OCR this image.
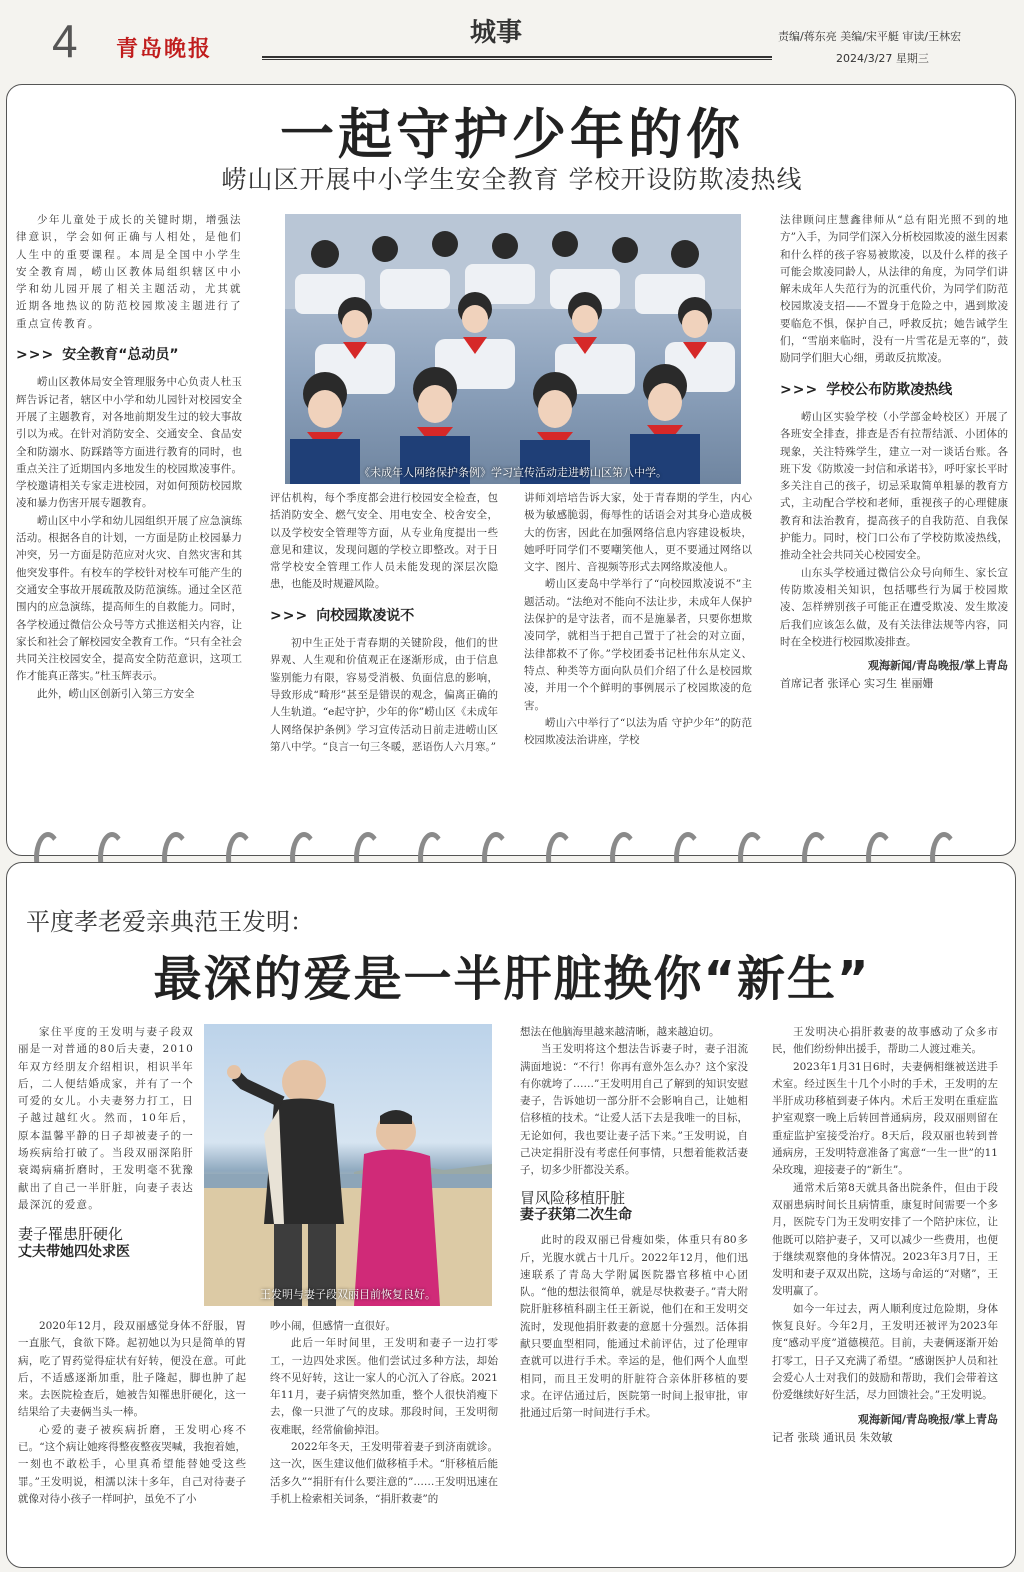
4 青岛晚报
城事	责编/蒋东亮 美编/宋平艇 审读/王林宏
2024/3/27 星期三
一起守护少年的你
崂山区开展中小学生安全教育 学校开设防欺凌热线
《未成年人网络保护条例》学习宣传活动走进崂山区第八中学。

少年儿童处于成长的关键时期，增强法律意识，学会如何正确与人相处，是他们人生中的重要课程。本周是全国中小学生安全教育周，崂山区教体局组织辖区中小学和幼儿园开展了相关主题活动，尤其就近期各地热议的防范校园欺凌主题进行了重点宣传教育。

>>> 安全教育“总动员”

崂山区教体局安全管理服务中心负责人杜玉辉告诉记者，辖区中小学和幼儿园针对校园安全开展了主题教育，对各地前期发生过的较大事故引以为戒。在针对消防安全、交通安全、食品安全和防溺水、防踩踏等方面进行教育的同时，也重点关注了近期国内多地发生的校园欺凌事件。学校邀请相关专家走进校园，对如何预防校园欺凌和暴力伤害开展专题教育。

崂山区中小学和幼儿园组织开展了应急演练活动。根据各自的计划，一方面是防止校园暴力冲突，另一方面是防范应对火灾、自然灾害和其他突发事件。有校车的学校针对校车可能产生的交通安全事故开展疏散及防范演练。通过全区范围内的应急演练，提高师生的自救能力。同时，各学校通过微信公众号等方式推送相关内容，让家长和社会了解校园安全教育工作。“只有全社会共同关注校园安全，提高安全防范意识，这项工作才能真正落实。”杜玉辉表示。

此外，崂山区创新引入第三方安全

评估机构，每个季度都会进行校园安全检查，包括消防安全、燃气安全、用电安全、校舍安全，以及学校安全管理等方面，从专业角度提出一些意见和建议，发现问题的学校立即整改。对于日常学校安全管理工作人员未能发现的深层次隐患，也能及时规避风险。

>>> 向校园欺凌说不

初中生正处于青春期的关键阶段，他们的世界观、人生观和价值观正在逐渐形成，由于信息鉴别能力有限，容易受消极、负面信息的影响，导致形成“畸形”甚至是错误的观念，偏离正确的人生轨道。“e起守护，少年的你”崂山区《未成年人网络保护条例》学习宣传活动日前走进崂山区第八中学。“良言一句三冬暖，恶语伤人六月寒。”

讲师刘培培告诉大家，处于青春期的学生，内心极为敏感脆弱，侮辱性的话语会对其身心造成极大的伤害，因此在加强网络信息内容建设板块，她呼吁同学们不要嘲笑他人，更不要通过网络以文字、图片、音视频等形式去网络欺凌他人。

崂山区麦岛中学举行了“向校园欺凌说不”主题活动。“法绝对不能向不法让步，未成年人保护法保护的是守法者，而不是施暴者，只要你想欺凌同学，就相当于把自己置于了社会的对立面，法律都救不了你。”学校团委书记杜伟东从定义、特点、种类等方面向队员们介绍了什么是校园欺凌，并用一个个鲜明的事例展示了校园欺凌的危害。

崂山六中举行了“以法为盾 守护少年”的防范校园欺凌法治讲座，学校

法律顾问庄慧鑫律师从“总有阳光照不到的地方”入手，为同学们深入分析校园欺凌的滋生因素和什么样的孩子容易被欺凌，以及什么样的孩子可能会欺凌同龄人，从法律的角度，为同学们讲解未成年人失范行为的沉重代价，为同学们防范校园欺凌支招——不置身于危险之中，遇到欺凌要临危不惧，保护自己，呼救反抗；她告诫学生们，“雪崩来临时，没有一片雪花是无辜的”，鼓励同学们胆大心细，勇敢反抗欺凌。

>>> 学校公布防欺凌热线

崂山区实验学校（小学部金岭校区）开展了各班安全排查，排查是否有拉帮结派、小团体的现象，关注特殊学生，建立一对一谈话台账。各班下发《防欺凌一封信和承诺书》，呼吁家长平时多关注自己的孩子，切忌采取简单粗暴的教育方式，主动配合学校和老师，重视孩子的心理健康教育和法治教育，提高孩子的自我防范、自我保护能力。同时，校门口公布了学校防欺凌热线，推动全社会共同关心校园安全。

山东头学校通过微信公众号向师生、家长宣传防欺凌相关知识，包括哪些行为属于校园欺凌、怎样辨别孩子可能正在遭受欺凌、发生欺凌后我们应该怎么做，及有关法律法规等内容，同时在全校进行校园欺凌排查。

观海新闻/青岛晚报/掌上青岛
首席记者 张译心 实习生 崔丽姗
平度孝老爱亲典范王发明：
最深的爱是一半肝脏换你“新生”
王发明与妻子段双丽目前恢复良好。

家住平度的王发明与妻子段双丽是一对普通的80后夫妻，2010年双方经朋友介绍相识，相识半年后，二人便结婚成家，并有了一个可爱的女儿。小夫妻努力打工，日子越过越红火。然而，10年后，原本温馨平静的日子却被妻子的一场疾病给打破了。当段双丽深陷肝衰竭病痛折磨时，王发明毫不犹豫献出了自己一半肝脏，向妻子表达最深沉的爱意。

妻子罹患肝硬化
丈夫带她四处求医

2020年12月，段双丽感觉身体不舒服，胃一直胀气，食欲下降。起初她以为只是简单的胃病，吃了胃药觉得症状有好转，便没在意。可此后，不适感逐渐加重，肚子隆起，脚也肿了起来。去医院检查后，她被告知罹患肝硬化，这一结果给了夫妻俩当头一棒。

心爱的妻子被疾病折磨，王发明心疼不已。“这个病让她疼得整夜整夜哭喊，我抱着她，一刻也不敢松手，心里真希望能替她受这些罪。”王发明说，相濡以沫十多年，自己对待妻子就像对待小孩子一样呵护，虽免不了小

吵小闹，但感情一直很好。

此后一年时间里，王发明和妻子一边打零工，一边四处求医。他们尝试过多种方法，却始终不见好转，这让一家人的心沉入了谷底。2021年11月，妻子病情突然加重，整个人很快消瘦下去，像一只泄了气的皮球。那段时间，王发明彻夜难眠，经常偷偷掉泪。

2022年冬天，王发明带着妻子到济南就诊。这一次，医生建议他们做移植手术。“肝移植后能活多久”“捐肝有什么要注意的”……王发明迅速在手机上检索相关词条，“捐肝救妻”的

想法在他脑海里越来越清晰，越来越迫切。

当王发明将这个想法告诉妻子时，妻子泪流满面地说：“不行！你再有意外怎么办？这个家没有你就垮了……”王发明用自己了解到的知识安慰妻子，告诉她切一部分肝不会影响自己，让她相信移植的技术。“让爱人活下去是我唯一的目标，无论如何，我也要让妻子活下来。”王发明说，自己决定捐肝没有考虑任何事情，只想着能救活妻子，切多少肝都没关系。

冒风险移植肝脏
妻子获第二次生命

此时的段双丽已骨瘦如柴，体重只有80多斤，光腹水就占十几斤。2022年12月，他们迅速联系了青岛大学附属医院器官移植中心团队。“他的想法很简单，就是尽快救妻子。”青大附院肝脏移植科副主任王新说，他们在和王发明交流时，发现他捐肝救妻的意愿十分强烈。活体捐献只要血型相同，能通过术前评估，过了伦理审查就可以进行手术。幸运的是，他们两个人血型相同，而且王发明的肝脏符合亲体肝移植的要求。在评估通过后，医院第一时间上报审批，审批通过后第一时间进行手术。

王发明决心捐肝救妻的故事感动了众多市民，他们纷纷伸出援手，帮助二人渡过难关。

2023年1月31日6时，夫妻俩相继被送进手术室。经过医生十几个小时的手术，王发明的左半肝成功移植到妻子体内。术后王发明在重症监护室观察一晚上后转回普通病房，段双丽则留在重症监护室接受治疗。8天后，段双丽也转到普通病房，王发明特意准备了寓意“一生一世”的11朵玫瑰，迎接妻子的“新生”。

通常术后第8天就具备出院条件，但由于段双丽患病时间长且病情重，康复时间需要一个多月，医院专门为王发明安排了一个陪护床位，让他既可以陪护妻子，又可以减少一些费用，也便于继续观察他的身体情况。2023年3月7日，王发明和妻子双双出院，这场与命运的“对赌”，王发明赢了。

如今一年过去，两人顺利度过危险期，身体恢复良好。今年2月，王发明还被评为2023年度“感动平度”道德模范。目前，夫妻俩逐渐开始打零工，日子又充满了希望。“感谢医护人员和社会爱心人士对我们的鼓励和帮助，我们会带着这份爱继续好好生活，尽力回馈社会。”王发明说。

观海新闻/青岛晚报/掌上青岛
记者 张琰 通讯员 朱效敏
